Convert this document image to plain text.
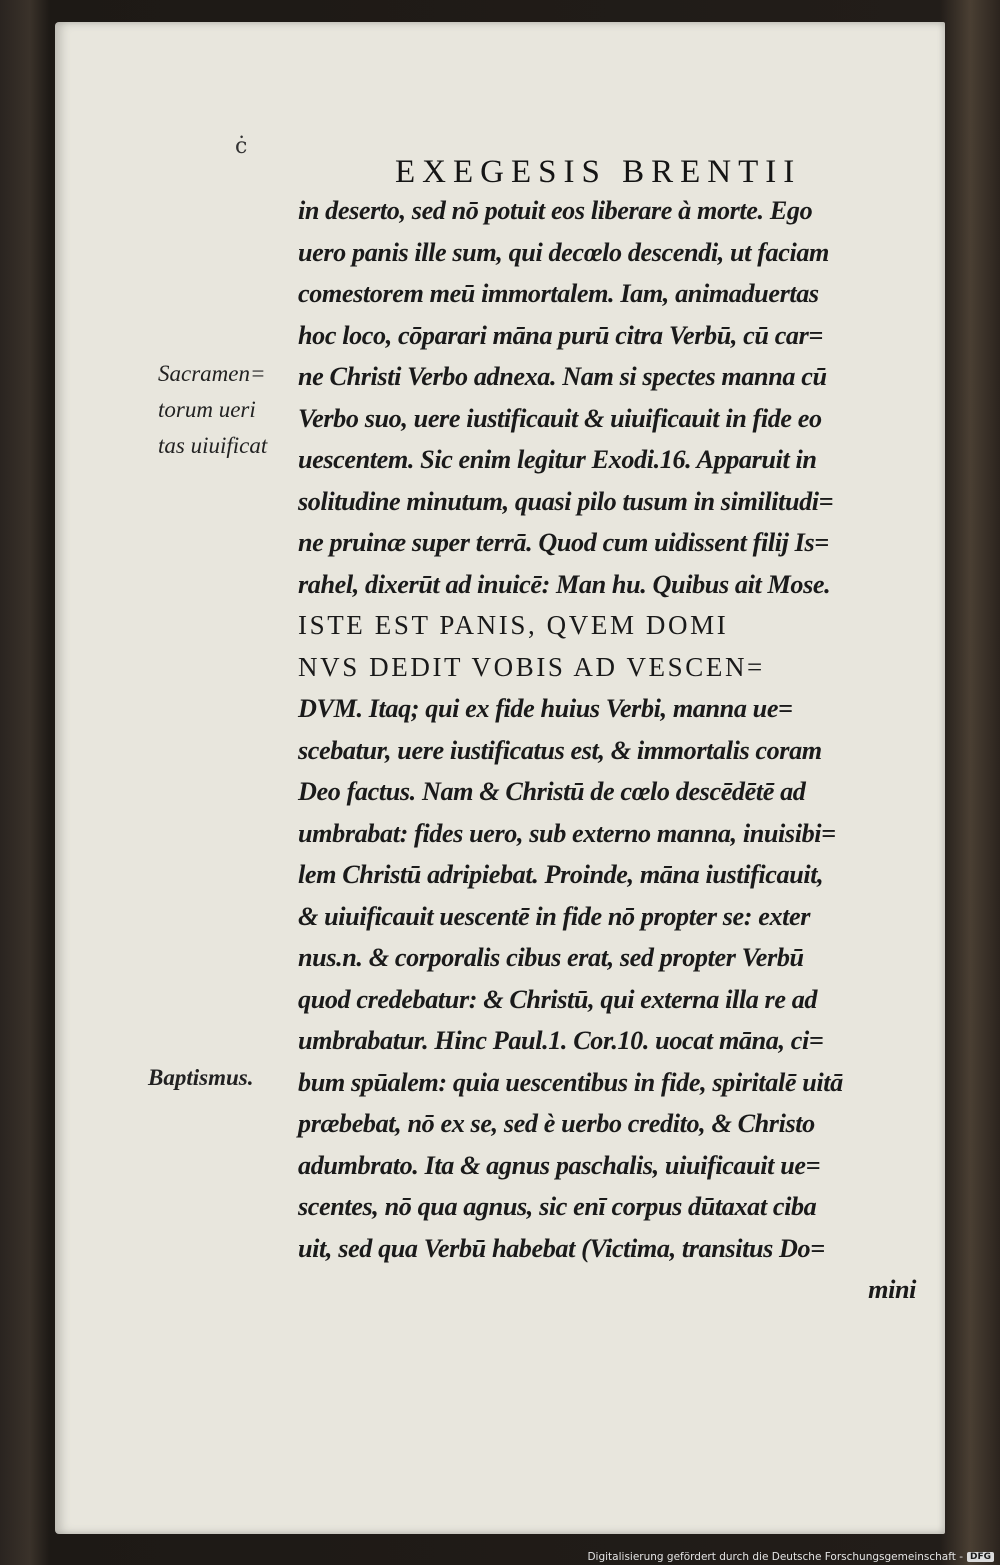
ċ
EXEGESIS BRENTII
Sacramen=
torum ueri
tas uiuificat
Baptismus.
in deserto, sed nō potuit eos liberare à morte. Ego
uero panis ille sum, qui decœlo descendi, ut faciam
comestorem meū immortalem. Iam, animaduertas
hoc loco, cōparari māna purū citra Verbū, cū car=
ne Christi Verbo adnexa. Nam si spectes manna cū
Verbo suo, uere iustificauit & uiuificauit in fide eo
uescentem. Sic enim legitur Exodi.16. Apparuit in
solitudine minutum, quasi pilo tusum in similitudi=
ne pruinæ super terrā. Quod cum uidissent filij Is=
rahel, dixerūt ad inuicē: Man hu. Quibus ait Mose.
ISTE EST PANIS, QVEM DOMI
NVS DEDIT VOBIS AD VESCEN=
DVM. Itaq; qui ex fide huius Verbi, manna ue=
scebatur, uere iustificatus est, & immortalis coram
Deo factus. Nam & Christū de cœlo descēdētē ad
umbrabat: fides uero, sub externo manna, inuisibi=
lem Christū adripiebat. Proinde, māna iustificauit,
& uiuificauit uescentē in fide nō propter se: exter
nus.n. & corporalis cibus erat, sed propter Verbū
quod credebatur: & Christū, qui externa illa re ad
umbrabatur. Hinc Paul.1. Cor.10. uocat māna, ci=
bum spūalem: quia uescentibus in fide, spiritalē uitā
præbebat, nō ex se, sed è uerbo credito, & Christo
adumbrato. Ita & agnus paschalis, uiuificauit ue=
scentes, nō qua agnus, sic enī corpus dūtaxat ciba
uit, sed qua Verbū habebat (Victima, transitus Do=
mini
Digitalisierung gefördert durch die Deutsche Forschungsgemeinschaft - DFG
